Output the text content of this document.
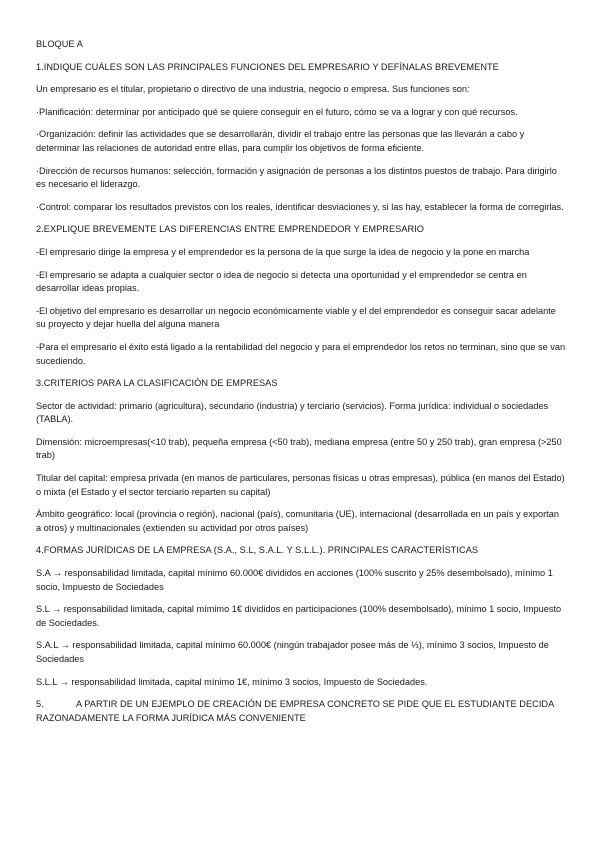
BLOQUE A
1.INDIQUE CUÁLES SON LAS PRINCIPALES FUNCIONES DEL EMPRESARIO Y DEFÍNALAS BREVEMENTE
Un empresario es el titular, propietario o directivo de una industria, negocio o empresa. Sus funciones son:
·Planificación: determinar por anticipado qué se quiere conseguir en el futuro, cómo se va a lograr y con qué recursos.
·Organización: definir las actividades que se desarrollarán, dividir el trabajo entre las personas que las llevarán a cabo y determinar las relaciones de autoridad entre ellas, para cumplir los objetivos de forma eficiente.
·Dirección de recursos humanos: selección, formación y asignación de personas a los distintos puestos de trabajo. Para dirigirlo es necesario el liderazgo.
·Control: comparar los resultados previstos con los reales, identificar desviaciones y, si las hay, establecer la forma de corregirlas.
2.EXPLIQUE BREVEMENTE LAS DIFERENCIAS ENTRE EMPRENDEDOR Y EMPRESARIO
-El empresario dirige la empresa y el emprendedor es la persona de la que surge la idea de negocio y la pone en marcha
-El empresario se adapta a cualquier sector o idea de negocio si detecta una oportunidad y el emprendedor se centra en desarrollar ideas propias.
-El objetivo del empresario es desarrollar un negocio económicamente viable y el del emprendedor es conseguir sacar adelante su proyecto y dejar huella del alguna manera
-Para el empresario el éxito está ligado a la rentabilidad del negocio y para el emprendedor los retos no terminan, sino que se van sucediendo.
3.CRITERIOS PARA LA CLASIFICACIÓN DE EMPRESAS
Sector de actividad: primario (agricultura), secundario (industria) y terciario (servicios). Forma jurídica: individual o sociedades (TABLA).
Dimensión: microempresas(<10 trab), pequeña empresa (<50 trab), mediana empresa (entre 50 y 250 trab), gran empresa (>250 trab)
Titular del capital: empresa privada (en manos de particulares, personas físicas u otras empresas), pública (en manos del Estado) o mixta (el Estado y el sector terciario reparten su capital)
Ámbito geográfico: local (provincia o región), nacional (país), comunitaria (UE), internacional (desarrollada en un país y exportan a otros) y multinacionales (extienden su actividad por otros países)
4.FORMAS JURÍDICAS DE LA EMPRESA (S.A., S.L, S.A.L. Y S.L.L.). PRINCIPALES CARACTERÍSTICAS
S.A → responsabilidad limitada, capital mínimo 60.000€ divididos en acciones (100% suscrito y 25% desembolsado), mínimo 1 socio, Impuesto de Sociedades
S.L → responsabilidad limitada, capital mímimo 1€ divididos en participaciones (100% desembolsado), mínimo 1 socio, Impuesto de Sociedades.
S.A.L → responsabilidad limitada, capital mínimo 60.000€ (ningún trabajador posee más de ⅓), mínimo 3 socios, Impuesto de Sociedades
S.L.L → responsabilidad limitada, capital mínimo 1€, mínimo 3 socios, Impuesto de Sociedades.
5.	A PARTIR DE UN EJEMPLO DE CREACIÓN DE EMPRESA CONCRETO SE PIDE QUE EL ESTUDIANTE DECIDA RAZONADAMENTE LA FORMA JURÍDICA MÁS CONVENIENTE
